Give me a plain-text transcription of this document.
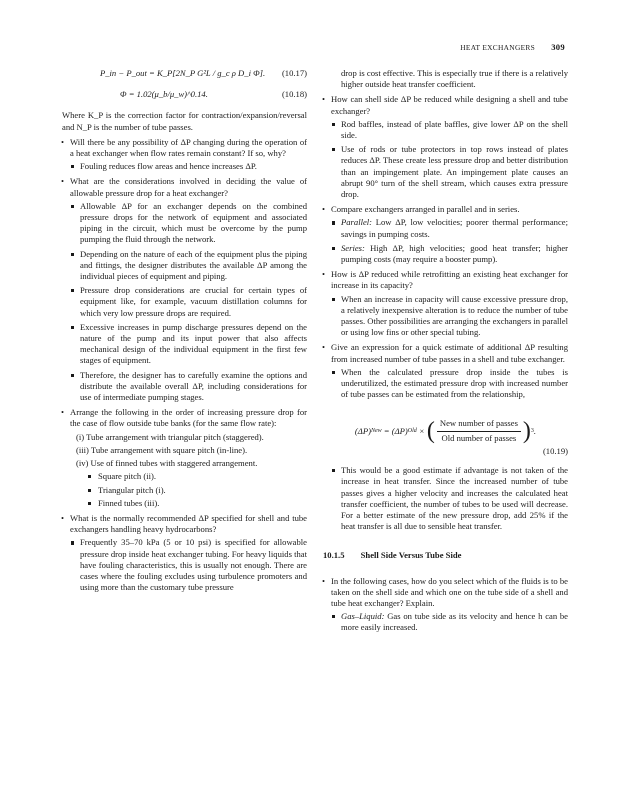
HEAT EXCHANGERS 309
P_in − P_out = K_P[2N_P G²L / g_c ρ D_i Φ]. (10.17)
Φ = 1.02(μ_b/μ_w)^0.14.	(10.18)

Where K_P is the correction factor for contraction/expansion/reversal and N_P is the number of tube passes.

• Will there be any possibility of ΔP changing during the operation of a heat exchanger when flow rates remain constant? If so, why?
Fouling reduces flow areas and hence increases ΔP.
• What are the considerations involved in deciding the value of allowable pressure drop for a heat exchanger?
Allowable ΔP for an exchanger depends on the combined pressure drops for the network of equipment and associated piping in the circuit, which must be overcome by the pump pumping the fluid through the network.
Depending on the nature of each of the equipment plus the piping and fittings, the designer distributes the available ΔP among the individual pieces of equipment and piping.
Pressure drop considerations are crucial for certain types of equipment like, for example, vacuum distillation columns for which very low pressure drops are required.
Excessive increases in pump discharge pressures depend on the nature of the pump and its input power that also affects mechanical design of the individual equipment in the first few stages of equipment.
Therefore, the designer has to carefully examine the options and distribute the available overall ΔP, including considerations for use of intermediate pumping stages.
• Arrange the following in the order of increasing pressure drop for the case of flow outside tube banks (for the same flow rate):
(i) Tube arrangement with triangular pitch (staggered).
(iii) Tube arrangement with square pitch (in-line).
(iv) Use of finned tubes with staggered arrangement.
Square pitch (ii).
Triangular pitch (i).
Finned tubes (iii).
• What is the normally recommended ΔP specified for shell and tube exchangers handling heavy hydrocarbons?
Frequently 35–70 kPa (5 or 10 psi) is specified for allowable pressure drop inside heat exchanger tubing. For heavy liquids that have fouling characteristics, this is usually not enough. There are cases where the fouling excludes using turbulence promoters and using more than the customary tube pressure

drop is cost effective. This is especially true if there is a relatively higher outside heat transfer coefficient.

• How can shell side ΔP be reduced while designing a shell and tube exchanger?
Rod baffles, instead of plate baffles, give lower ΔP on the shell side.
Use of rods or tube protectors in top rows instead of plates reduces ΔP. These create less pressure drop and better distribution than an impingement plate. An impingement plate causes an abrupt 90° turn of the shell stream, which causes extra pressure drop.
• Compare exchangers arranged in parallel and in series.
Parallel: Low ΔP, low velocities; poorer thermal performance; savings in pumping costs.
Series: High ΔP, high velocities; good heat transfer; higher pumping costs (may require a booster pump).
• How is ΔP reduced while retrofitting an existing heat exchanger for increase in its capacity?
When an increase in capacity will cause excessive pressure drop, a relatively inexpensive alteration is to reduce the number of tube passes. Other possibilities are arranging the exchangers in parallel or using low fins or other special tubing.
• Give an expression for a quick estimate of additional ΔP resulting from increased number of tube passes in a shell and tube exchanger.
When the calculated pressure drop inside the tubes is underutilized, the estimated pressure drop with increased number of tube passes can be estimated from the relationship,
(ΔP) New
= (ΔP) Old
×
( $\frac{\text{New number of passes}}{\text{Old number of passes}}$ ) 3 .
(10.19)
This would be a good estimate if advantage is not taken of the increase in heat transfer. Since the increased number of tube passes gives a higher velocity and increases the calculated heat transfer coefficient, the number of tubes to be used will decrease. For a better estimate of the new pressure drop, add 25% if the heat transfer is all due to sensible heat transfer.
10.1.5 Shell Side Versus Tube Side
• In the following cases, how do you select which of the fluids is to be taken on the shell side and which one on the tube side of a shell and tube heat exchanger? Explain.
Gas–Liquid: Gas on tube side as its velocity and hence h can be more easily increased.
